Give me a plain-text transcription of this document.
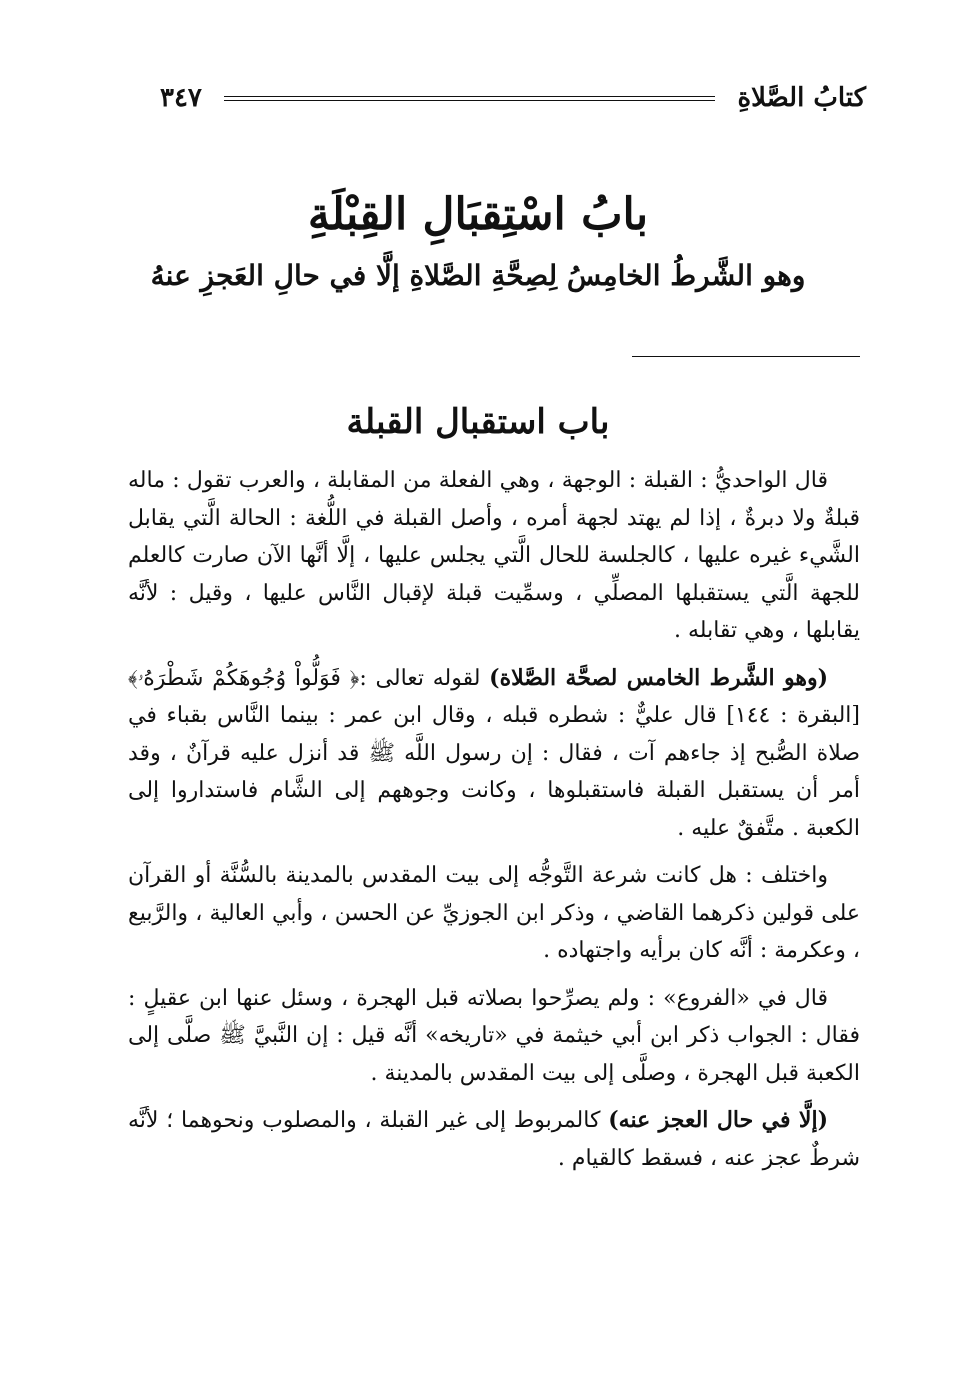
كتابُ الصَّلاةِ
٣٤٧
بابُ اسْتِقبَالِ القِبْلَةِ
وهو الشَّرطُ الخامِسُ لِصِحَّةِ الصَّلاةِ إلَّا في حالِ العَجزِ عنهُ
باب استقبال القبلة

قال الواحديُّ : القبلة : الوجهة ، وهي الفعلة من المقابلة ، والعرب تقول : ماله قبلةٌ ولا دبرةٌ ، إذا لم يهتد لجهة أمره ، وأصل القبلة في اللُّغة : الحالة الَّتي يقابل الشَّيء غيره عليها ، كالجلسة للحال الَّتي يجلس عليها ، إلَّا أنَّها الآن صارت كالعلم للجهة الَّتي يستقبلها المصلِّي ، وسمِّيت قبلة لإقبال النَّاس عليها ، وقيل : لأنَّه يقابلها ، وهي تقابله .

(وهو الشَّرط الخامس لصحَّة الصَّلاة) لقوله تعالى :﴿ فَوَلُّواْ وُجُوهَكُمْ شَطْرَهُۥ﴾ [البقرة : ١٤٤] قال عليٌّ : شطره قبله ، وقال ابن عمر : بينما النَّاس بقباء في صلاة الصُّبح إذ جاءهم آت ، فقال : إن رسول اللَّه ﷺ قد أنزل عليه قرآنٌ ، وقد أمر أن يستقبل القبلة فاستقبلوها ، وكانت وجوههم إلى الشَّام فاستداروا إلى الكعبة . متَّفقٌ عليه .

واختلف : هل كانت شرعة التَّوجُّه إلى بيت المقدس بالمدينة بالسُّنَّة أو القرآن على قولين ذكرهما القاضي ، وذكر ابن الجوزيِّ عن الحسن ، وأبي العالية ، والرَّبيع ، وعكرمة : أنَّه كان برأيه واجتهاده .

قال في «الفروع» : ولم يصرِّحوا بصلاته قبل الهجرة ، وسئل عنها ابن عقيلٍ : فقال : الجواب ذكر ابن أبي خيثمة في «تاريخه» أنَّه قيل : إن النَّبيَّ ﷺ صلَّى إلى الكعبة قبل الهجرة ، وصلَّى إلى بيت المقدس بالمدينة .

(إلَّا في حال العجز عنه) كالمربوط إلى غير القبلة ، والمصلوب ونحوهما ؛ لأنَّه شرطٌ عجز عنه ، فسقط كالقيام .
